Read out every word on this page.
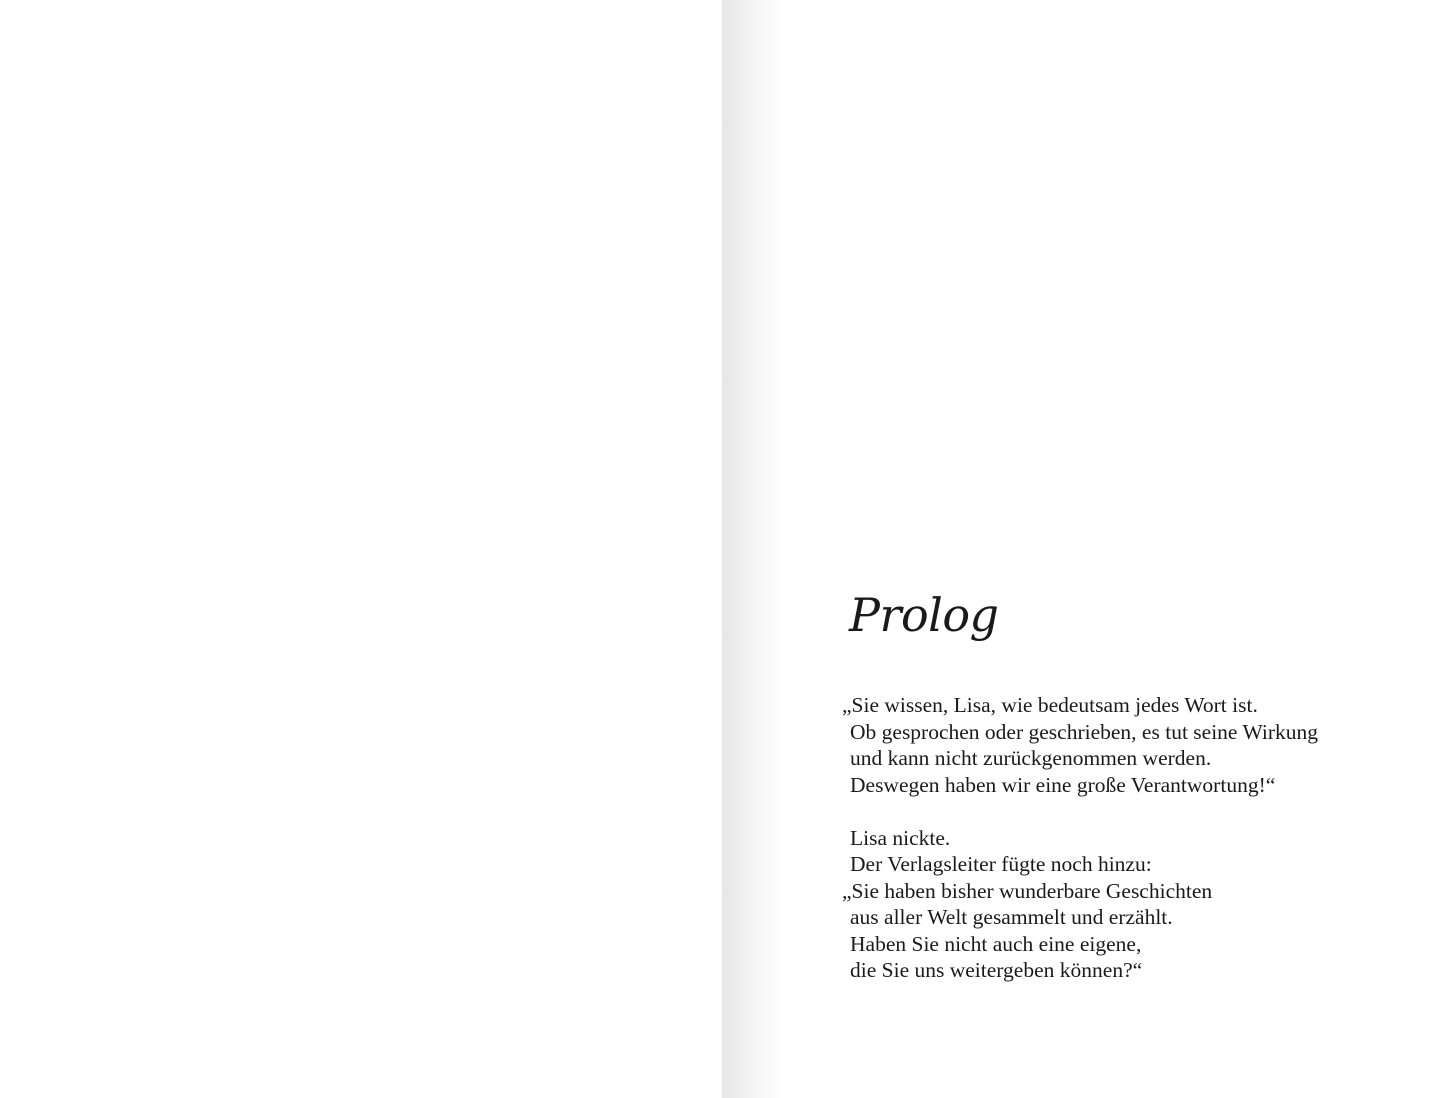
Prolog
„Sie wissen, Lisa, wie bedeutsam jedes Wort ist.
Ob gesprochen oder geschrieben, es tut seine Wirkung
und kann nicht zurückgenommen werden.
Deswegen haben wir eine große Verantwortung!“
Lisa nickte.
Der Verlagsleiter fügte noch hinzu:
„Sie haben bisher wunderbare Geschichten
aus aller Welt gesammelt und erzählt.
Haben Sie nicht auch eine eigene,
die Sie uns weitergeben können?“
